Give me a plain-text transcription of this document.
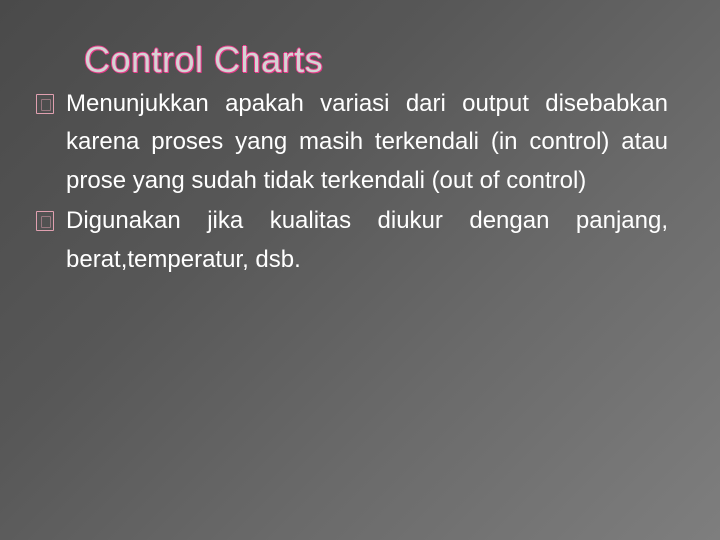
Control Charts
Menunjukkan apakah variasi dari output disebabkan karena proses yang masih terkendali (in control) atau prose yang sudah tidak terkendali (out of control)
Digunakan jika kualitas diukur dengan panjang, berat,temperatur, dsb.
